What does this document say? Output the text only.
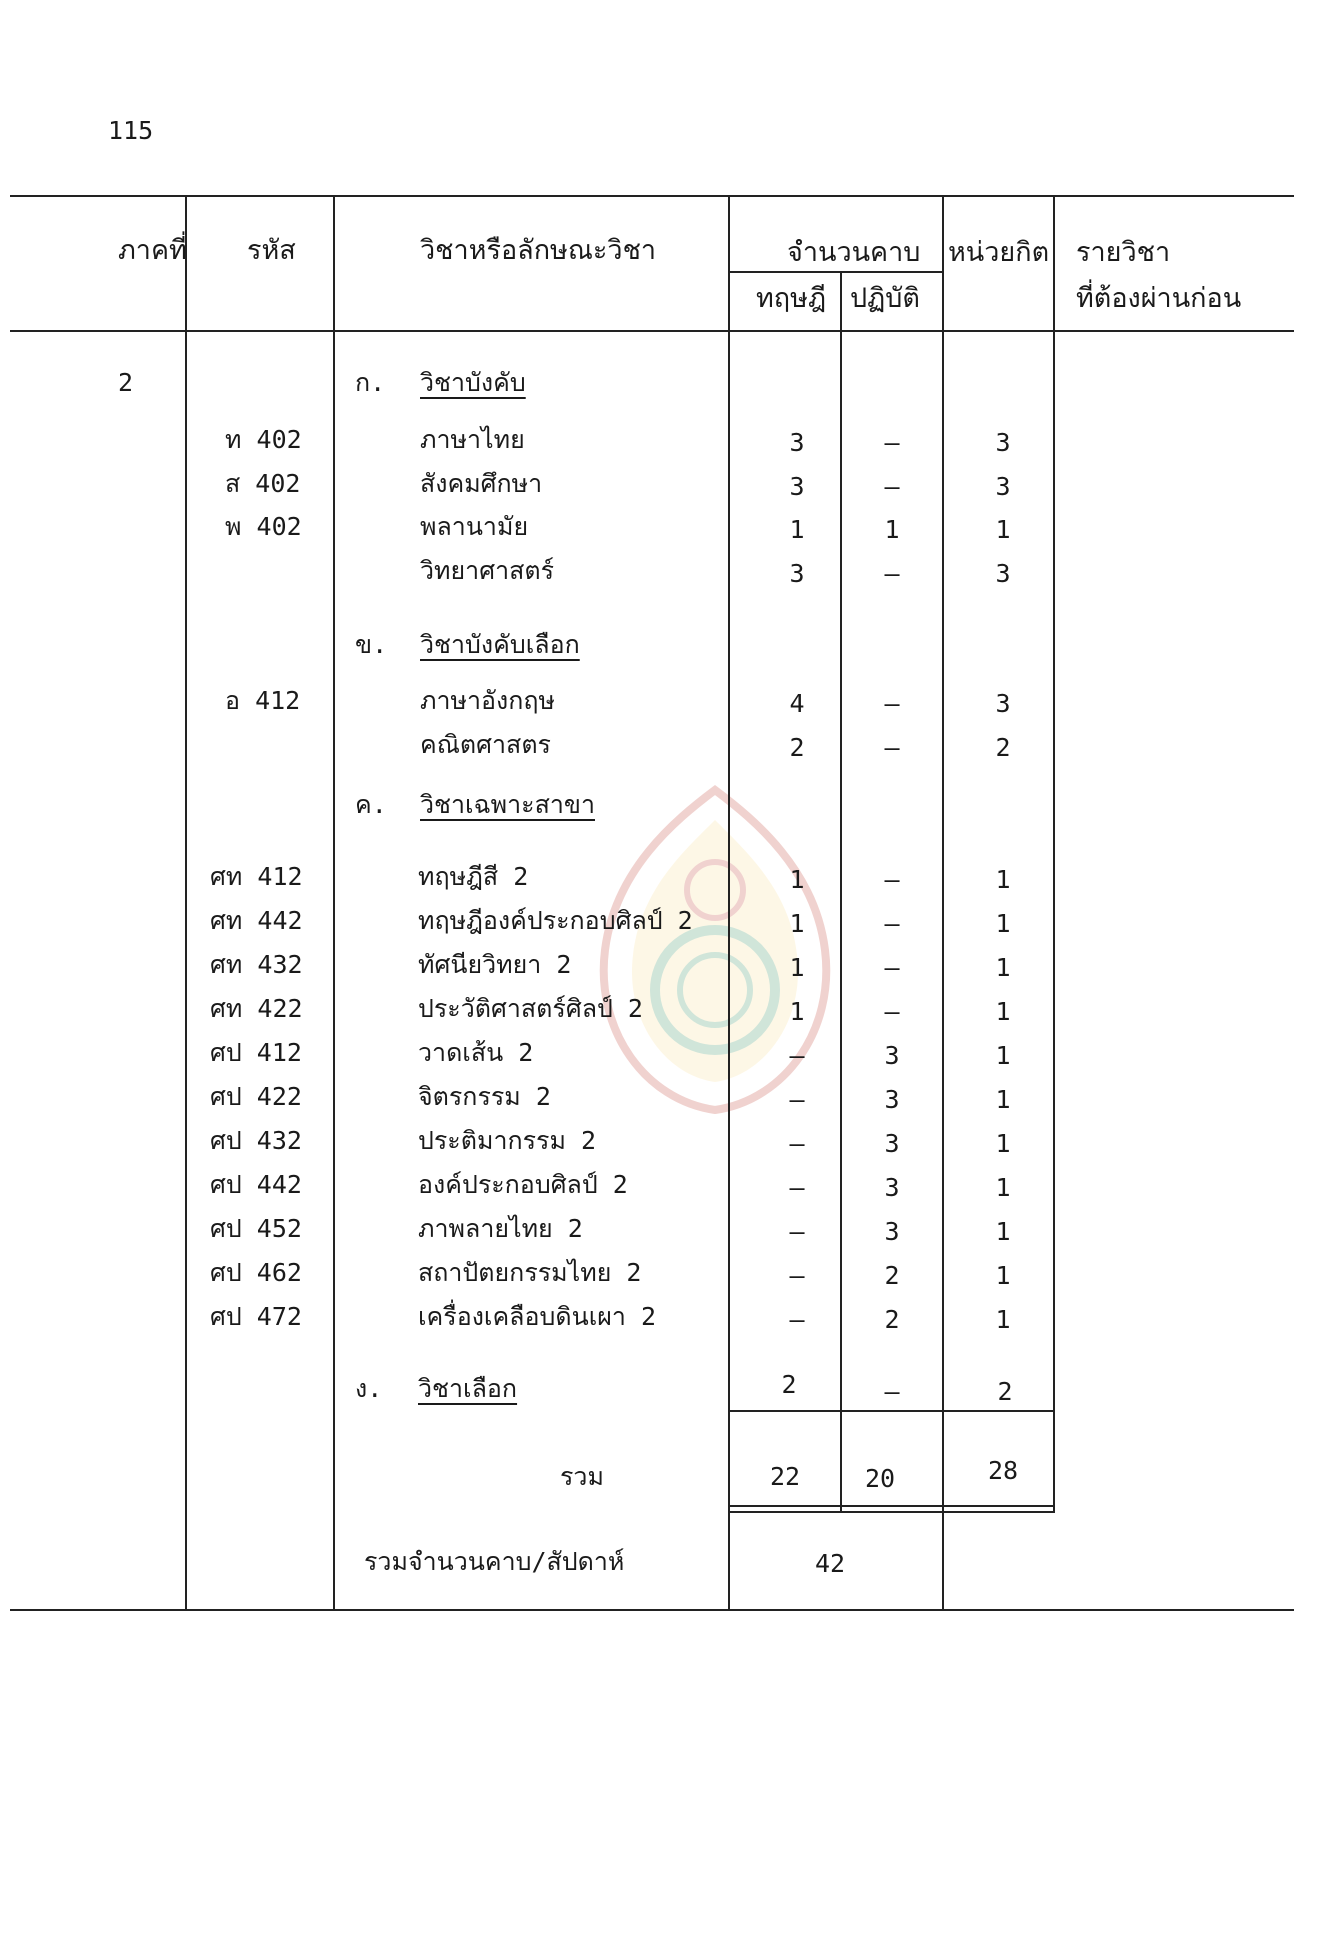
115
ภาคที่ รหัส	วิชาหรือลักษณะวิชา	จำนวนคาบ
ทฤษฎี ปฏิบัติ
หน่วยกิต รายวิชา
ที่ต้องผ่านก่อน
2	ก. วิชาบังคับ
ท 402	ภาษาไทย	3	–	3
ส 402	สังคมศึกษา	3	–	3
พ 402	พลานามัย	1	1	1
วิทยาศาสตร์	3	–	3
ข. วิชาบังคับเลือก
อ 412	ภาษาอังกฤษ	4	–	3
คณิตศาสตร	2	–	2
ค. วิชาเฉพาะสาขา
ศท 412	ทฤษฎีสี 2	1	–	1
ศท 442	ทฤษฎีองค์ประกอบศิลป์ 2	1	–	1
ศท 432	ทัศนียวิทยา 2	1	–	1
ศท 422	ประวัติศาสตร์ศิลป์ 2	1	–	1
ศป 412	วาดเส้น 2	–	3	1
ศป 422	จิตรกรรม 2	–	3	1
ศป 432	ประติมากรรม 2	–	3	1
ศป 442	องค์ประกอบศิลป์ 2	–	3	1
ศป 452	ภาพลายไทย 2	–	3	1
ศป 462	สถาปัตยกรรมไทย 2	–	2	1
ศป 472	เครื่องเคลือบดินเผา 2	–	2	1
ง. วิชาเลือก	2	–	2
รวม	22	20	28
รวมจำนวนคาบ/สัปดาห์	42
